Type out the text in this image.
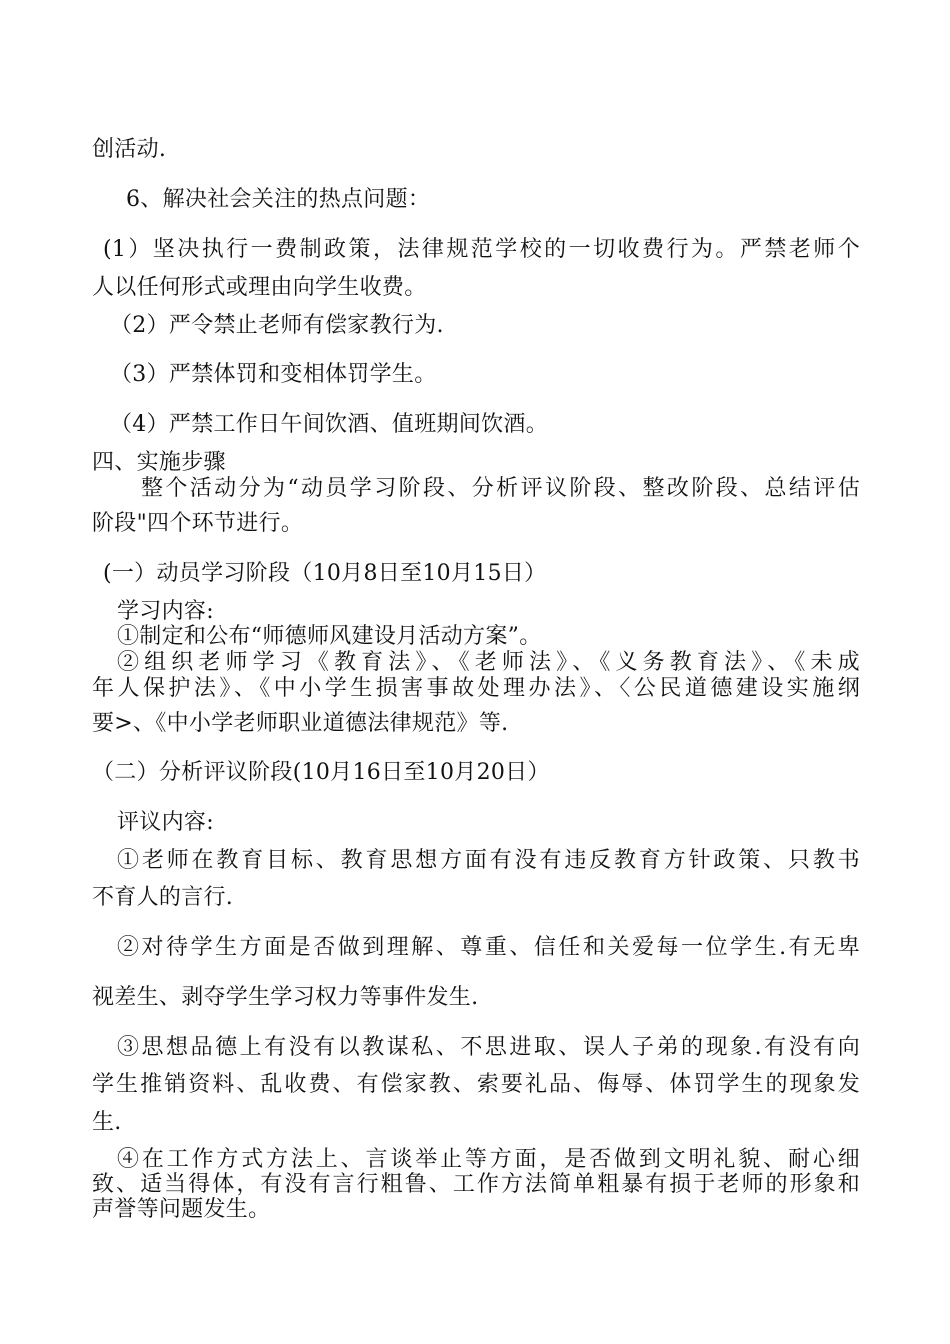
创活动.
6、解决社会关注的热点问题：
(1）坚决执行一费制政策，法律规范学校的一切收费行为。严禁老师个
人以任何形式或理由向学生收费。
（2）严令禁止老师有偿家教行为.
（3）严禁体罚和变相体罚学生。
（4）严禁工作日午间饮酒、值班期间饮酒。
四、实施步骤
整个活动分为“动员学习阶段、分析评议阶段、整改阶段、总结评估
阶段"四个环节进行。
(一）动员学习阶段（10月8日至10月15日）
学习内容:
①制定和公布“师德师风建设月活动方案”。
②组织老师学习《教育法》、《老师法》、《义务教育法》、《未成
年人保护法》、《中小学生损害事故处理办法》、〈公民道德建设实施纲
要>、《中小学老师职业道德法律规范》等.
（二）分析评议阶段(10月16日至10月20日）
评议内容:
①老师在教育目标、教育思想方面有没有违反教育方针政策、只教书
不育人的言行.
②对待学生方面是否做到理解、尊重、信任和关爱每一位学生.有无卑
视差生、剥夺学生学习权力等事件发生.
③思想品德上有没有以教谋私、不思进取、误人子弟的现象.有没有向
学生推销资料、乱收费、有偿家教、索要礼品、侮辱、体罚学生的现象发
生.
④在工作方式方法上、言谈举止等方面，是否做到文明礼貌、耐心细
致、适当得体，有没有言行粗鲁、工作方法简单粗暴有损于老师的形象和
声誉等问题发生。
